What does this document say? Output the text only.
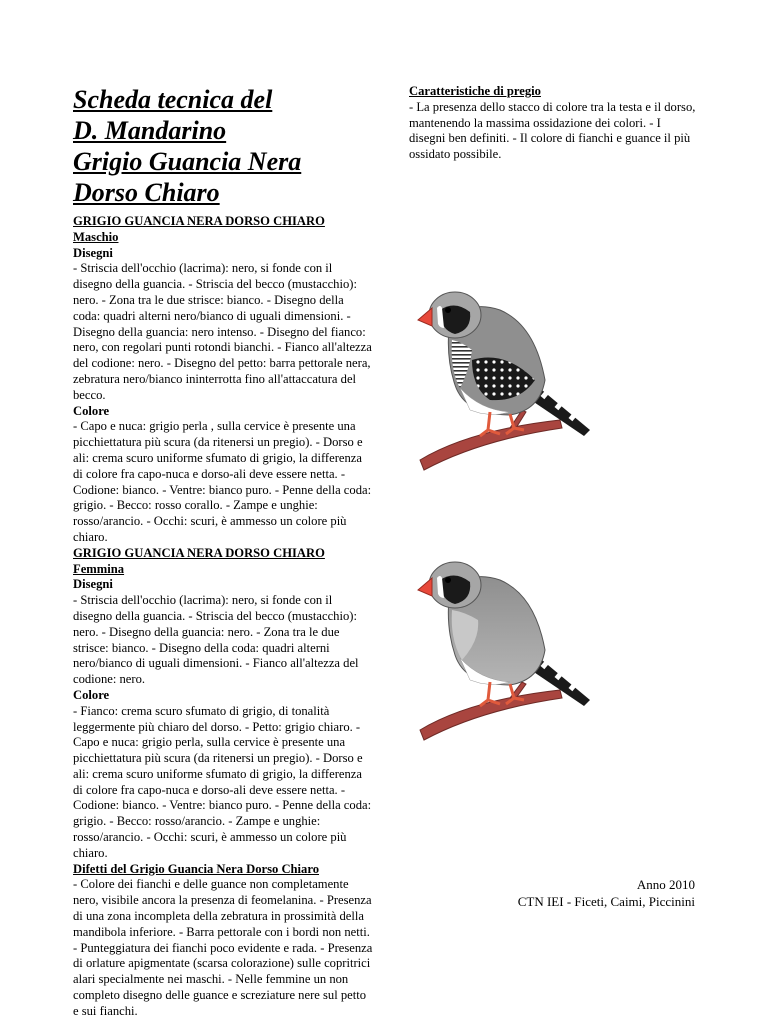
Scheda tecnica del
D. Mandarino
Grigio Guancia Nera
Dorso Chiaro
GRIGIO GUANCIA NERA DORSO CHIARO
Maschio
Disegni
- Striscia dell'occhio (lacrima): nero, si fonde con il disegno della guancia. - Striscia del becco (mustacchio): nero. - Zona tra le due strisce: bianco. - Disegno della coda: quadri alterni nero/bianco di uguali dimensioni. - Disegno della guancia: nero intenso. - Disegno del fianco: nero, con regolari punti rotondi bianchi. - Fianco all'altezza del codione: nero. - Disegno del petto: barra pettorale nera, zebratura nero/bianco ininterrotta fino all'attaccatura del becco.
Colore
- Capo e nuca: grigio perla , sulla cervice è presente una picchiettatura più scura (da ritenersi un pregio). - Dorso e ali: crema scuro uniforme sfumato di grigio, la differenza di colore fra capo-nuca e dorso-ali deve essere netta. - Codione: bianco. - Ventre: bianco puro. - Penne della coda: grigio. - Becco: rosso corallo. - Zampe e unghie: rosso/arancio. - Occhi: scuri, è ammesso un colore più chiaro.
GRIGIO GUANCIA NERA DORSO CHIARO
Femmina
Disegni
- Striscia dell'occhio (lacrima): nero, si fonde con il disegno della guancia. - Striscia del becco (mustacchio): nero. - Disegno della guancia: nero. - Zona tra le due strisce: bianco. - Disegno della coda: quadri alterni nero/bianco di uguali dimensioni. - Fianco all'altezza del codione: nero.
Colore
- Fianco: crema scuro sfumato di grigio, di tonalità leggermente più chiaro del dorso. - Petto: grigio chiaro. - Capo e nuca: grigio perla, sulla cervice è presente una picchiettatura più scura (da ritenersi un pregio). - Dorso e ali: crema scuro uniforme sfumato di grigio, la differenza di colore fra capo-nuca e dorso-ali deve essere netta. - Codione: bianco. - Ventre: bianco puro. - Penne della coda: grigio. - Becco: rosso/arancio. - Zampe e unghie: rosso/arancio. - Occhi: scuri, è ammesso un colore più chiaro.
Difetti del Grigio Guancia Nera Dorso Chiaro
- Colore dei fianchi e delle guance non completamente nero, visibile ancora la presenza di feomelanina. - Presenza di una zona incompleta della zebratura in prossimità della mandibola inferiore. - Barra pettorale con i bordi non netti. - Punteggiatura dei fianchi poco evidente e rada. - Presenza di orlature apigmentate (scarsa colorazione) sulle copritrici alari specialmente nei maschi. - Nelle femmine un non completo disegno delle guance e screziature nere sul petto e sui fianchi.
Caratteristiche di pregio
- La presenza dello stacco di colore tra la testa e il dorso, mantenendo la massima ossidazione dei colori. - I disegni ben definiti. - Il colore di fianchi e guance il più ossidato possibile.
Anno 2010
CTN IEI - Ficeti, Caimi, Piccinini
